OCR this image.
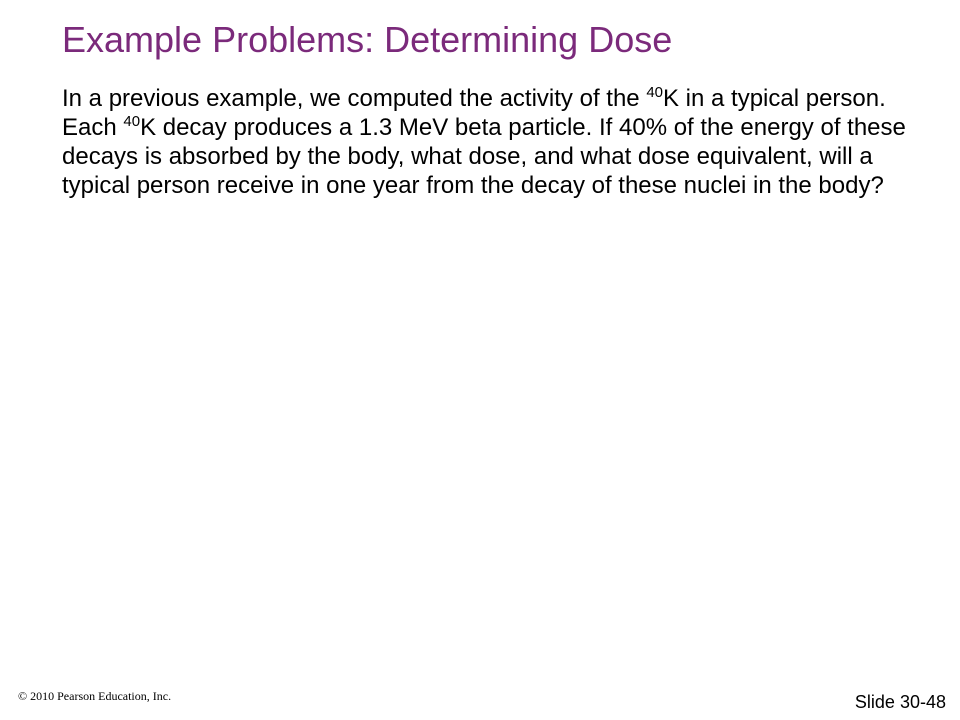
Example Problems: Determining Dose

In a previous example, we computed the activity of the $^{40}$K in a typical person. Each $^{40}$K decay produces a 1.3 MeV beta particle. If 40% of the energy of these decays is absorbed by the body, what dose, and what dose equivalent, will a typical person receive in one year from the decay of these nuclei in the body?

© 2010 Pearson Education, Inc.	Slide 30-48
